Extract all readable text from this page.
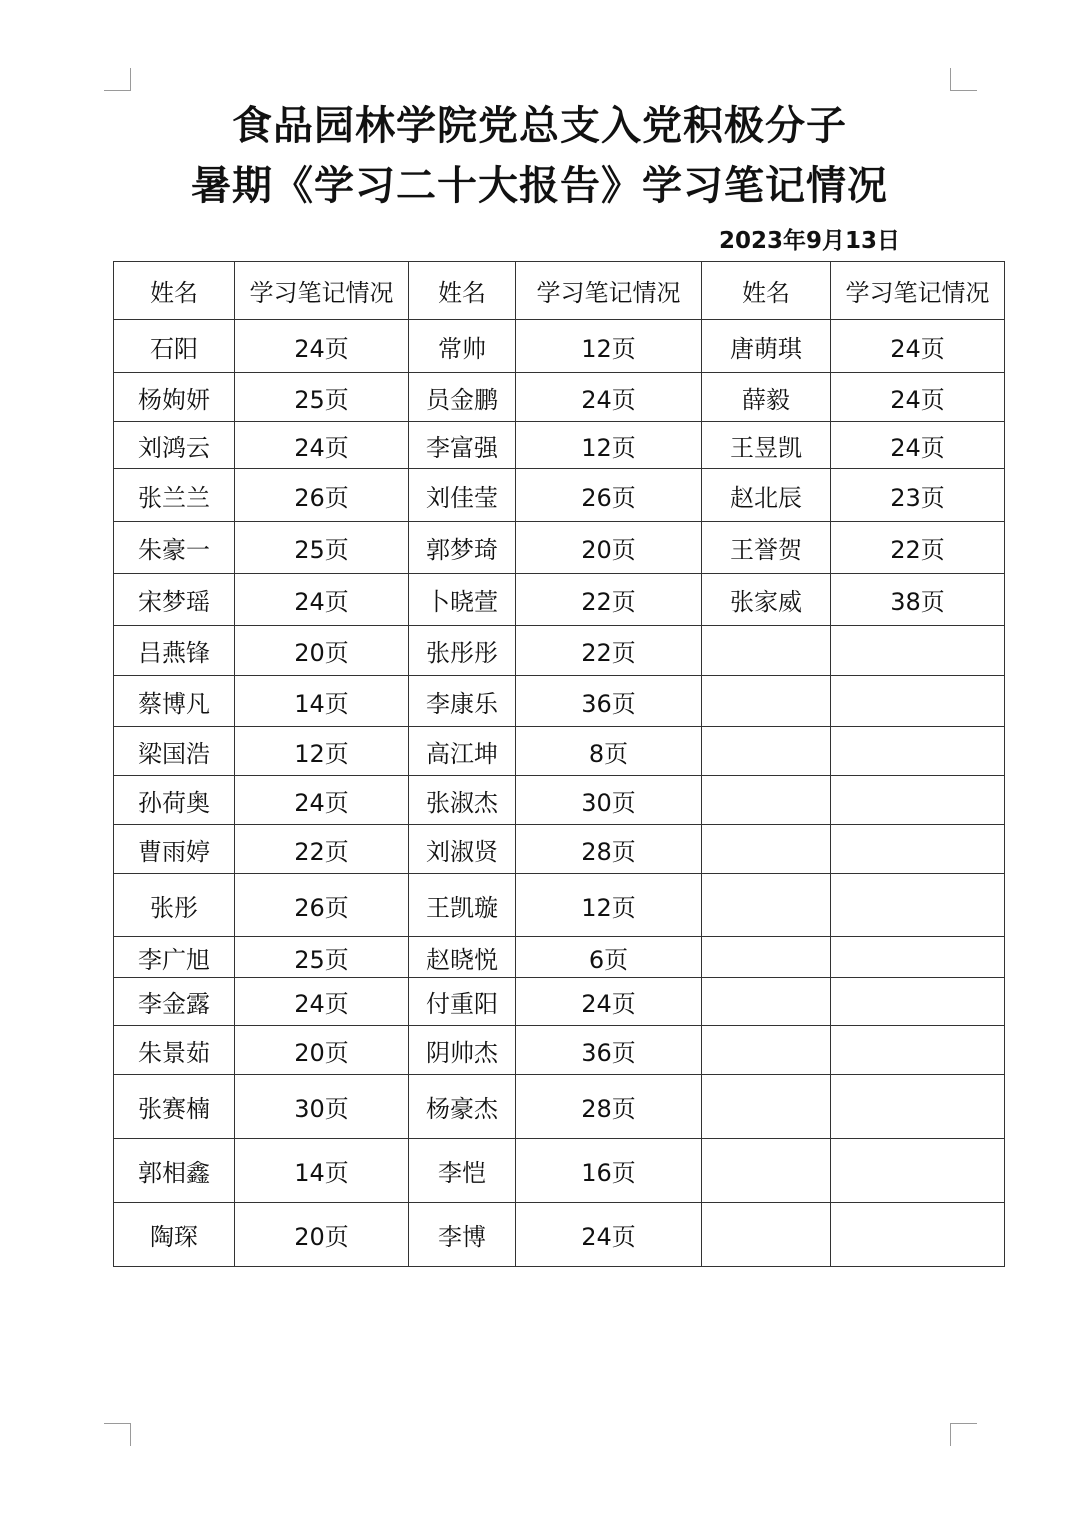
食品园林学院党总支入党积极分子
暑期《学习二十大报告》学习笔记情况
2023年9月13日
姓名	学习笔记情况	姓名	学习笔记情况	姓名	学习笔记情况
石阳	24页	常帅	12页	唐萌琪	24页
杨姁妍	25页	员金鹏	24页	薛毅	24页
刘鸿云	24页	李富强	12页	王昱凯	24页
张兰兰	26页	刘佳莹	26页	赵北辰	23页
朱豪一	25页	郭梦琦	20页	王誉贺	22页
宋梦瑶	24页	卜晓萱	22页	张家威	38页
吕燕锋	20页	张彤彤	22页		
蔡博凡	14页	李康乐	36页		
梁国浩	12页	高江坤	8页		
孙荷奥	24页	张淑杰	30页		
曹雨婷	22页	刘淑贤	28页		
张彤	26页	王凯璇	12页		
李广旭	25页	赵晓悦	6页		
李金露	24页	付重阳	24页		
朱景茹	20页	阴帅杰	36页		
张赛楠	30页	杨豪杰	28页		
郭相鑫	14页	李恺	16页		
陶琛	20页	李博	24页		
